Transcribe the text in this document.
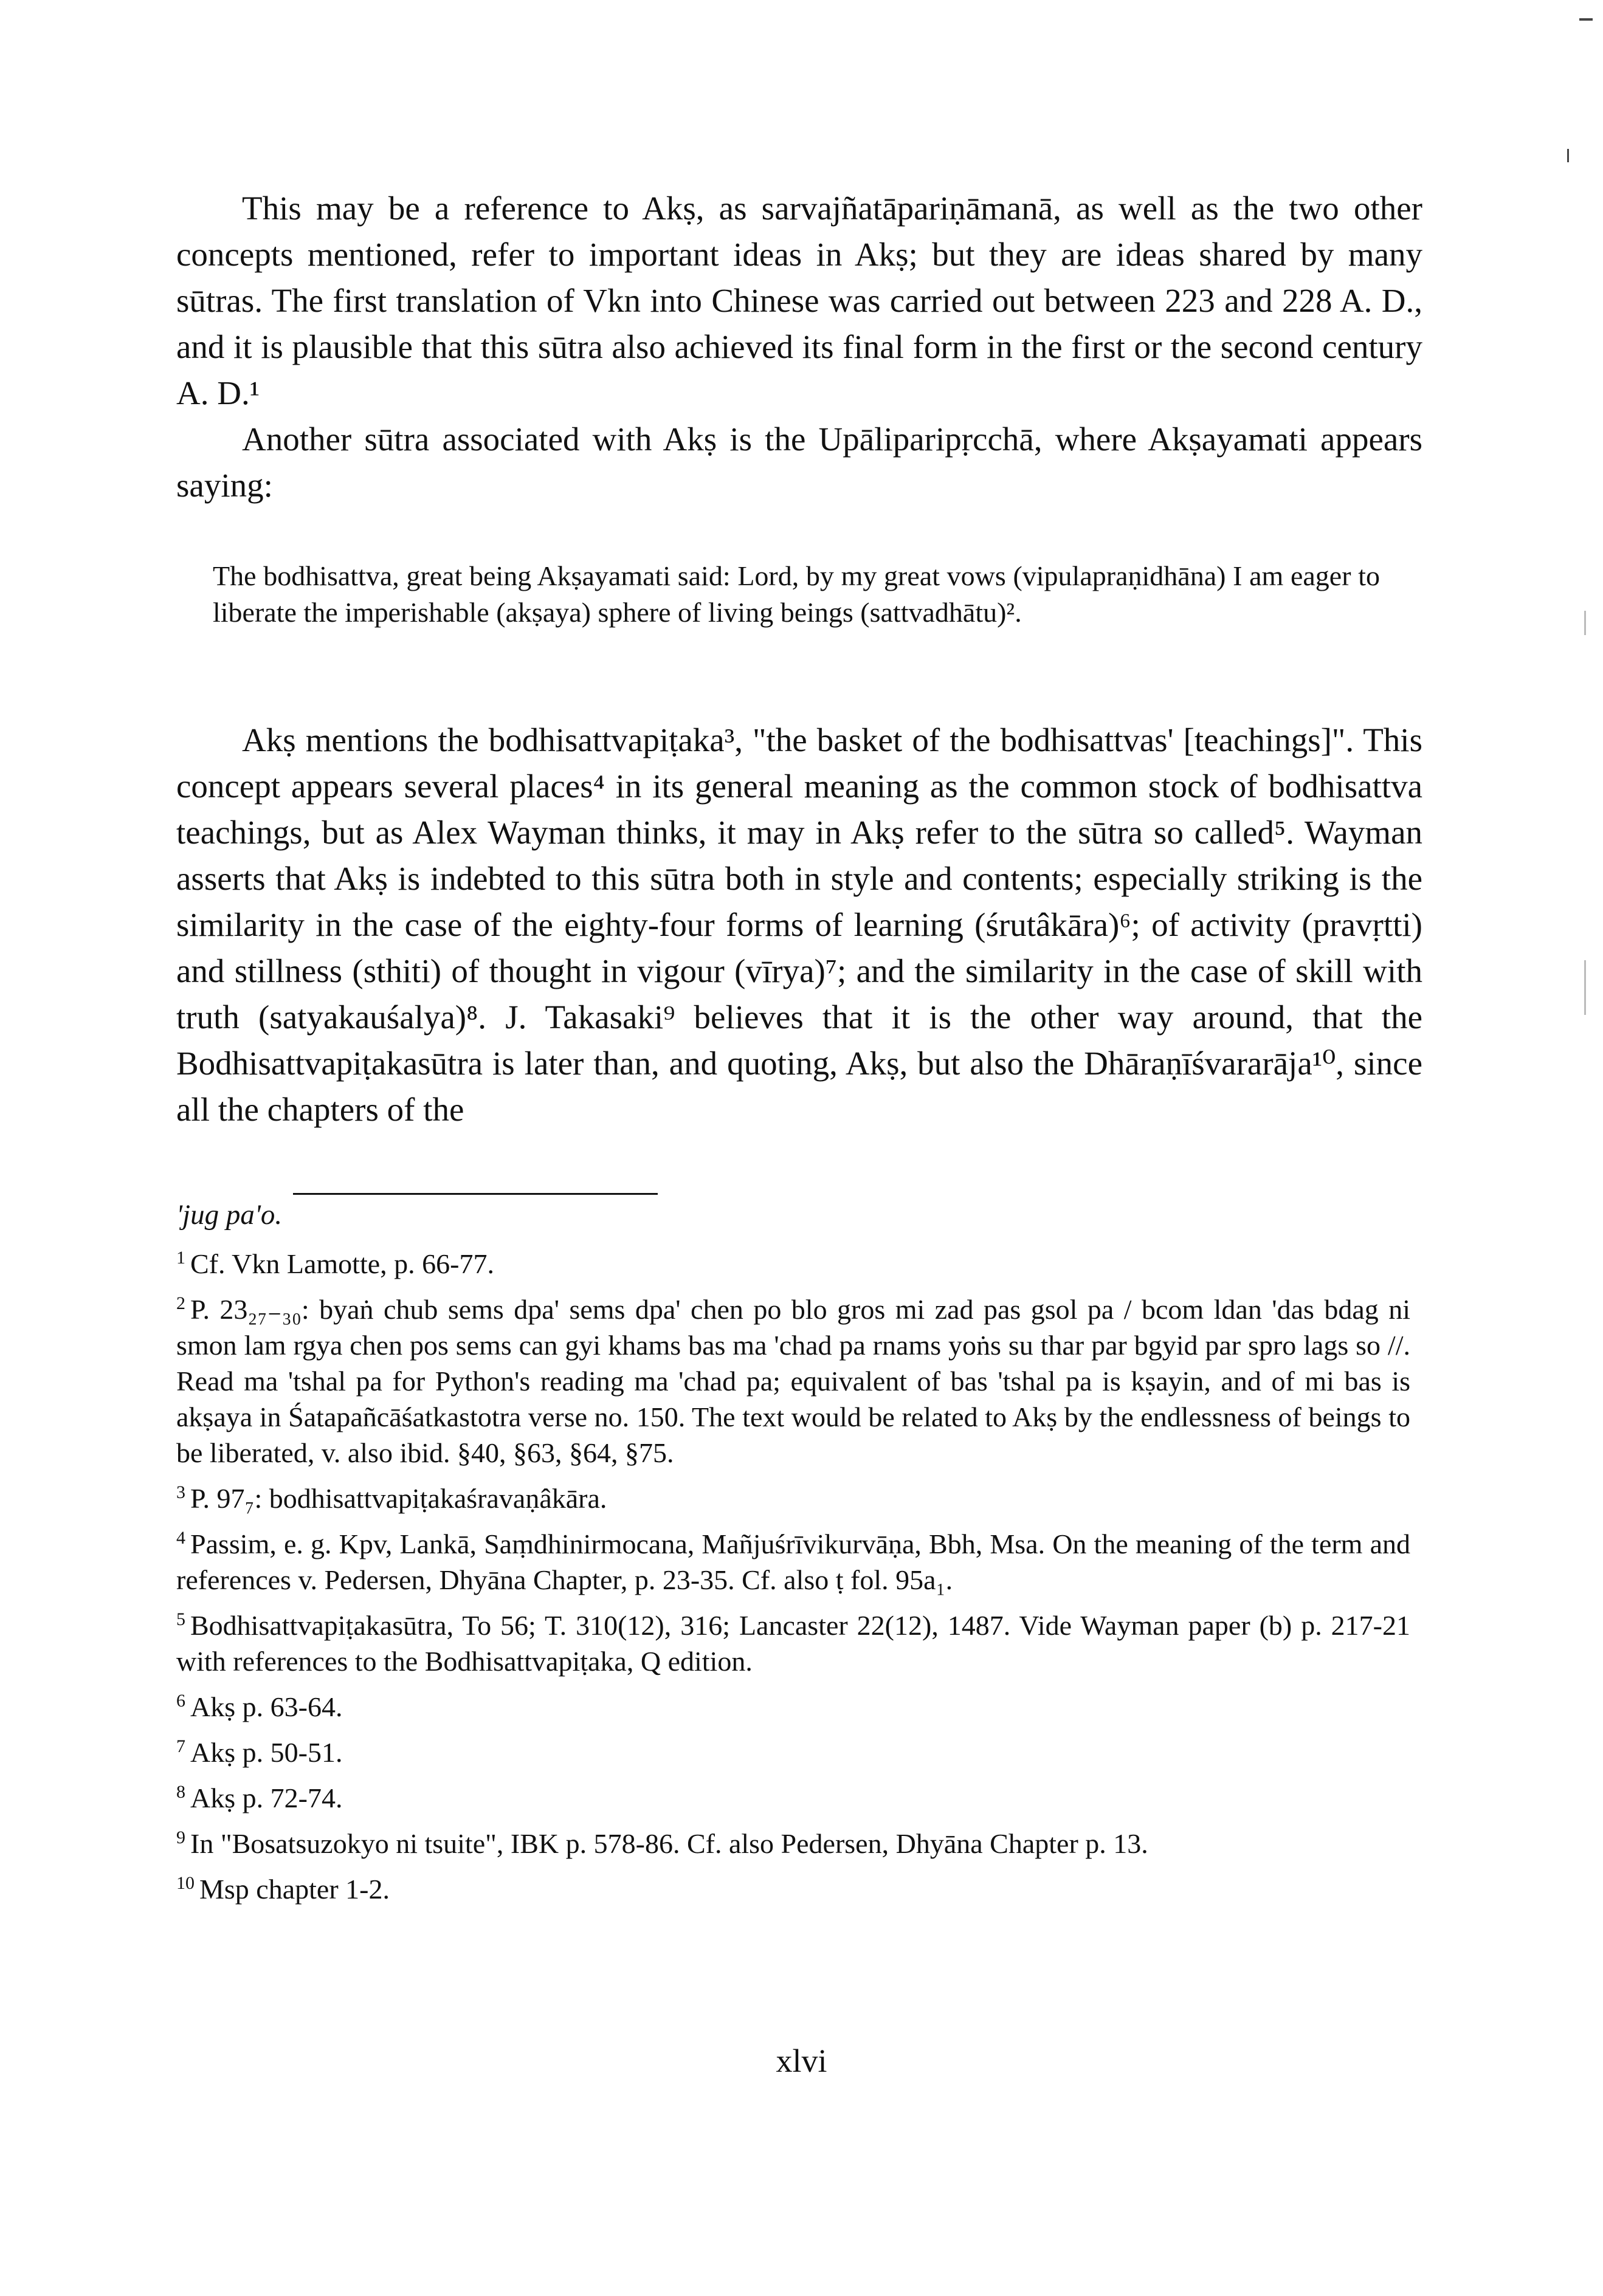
This may be a reference to Akṣ, as sarvajñatāpariṇāmanā, as well as the two other concepts mentioned, refer to important ideas in Akṣ; but they are ideas shared by many sūtras. The first translation of Vkn into Chinese was carried out between 223 and 228 A. D., and it is plausible that this sūtra also achieved its final form in the first or the second century A. D.¹

Another sūtra associated with Akṣ is the Upāliparipṛcchā, where Akṣayamati appears saying:

The bodhisattva, great being Akṣayamati said: Lord, by my great vows (vipulapraṇidhāna) I am eager to liberate the imperishable (akṣaya) sphere of living beings (sattvadhātu)².

Akṣ mentions the bodhisattvapiṭaka³, "the basket of the bodhisattvas' [teachings]". This concept appears several places⁴ in its general meaning as the common stock of bodhisattva teachings, but as Alex Wayman thinks, it may in Akṣ refer to the sūtra so called⁵. Wayman asserts that Akṣ is indebted to this sūtra both in style and contents; especially striking is the similarity in the case of the eighty-four forms of learning (śrutâkāra)⁶; of activity (pravṛtti) and stillness (sthiti) of thought in vigour (vīrya)⁷; and the similarity in the case of skill with truth (satyakauśalya)⁸. J. Takasaki⁹ believes that it is the other way around, that the Bodhisattvapiṭakasūtra is later than, and quoting, Akṣ, but also the Dhāraṇīśvararāja¹⁰, since all the chapters of the

'jug pa'o.

$^1$ Cf. Vkn Lamotte, p. 66-77.

$^2$ P. 23₂₇₋₃₀: byaṅ chub sems dpa' sems dpa' chen po blo gros mi zad pas gsol pa / bcom ldan 'das bdag ni smon lam rgya chen pos sems can gyi khams bas ma 'chad pa rnams yoṅs su thar par bgyid par spro lags so //. Read ma 'tshal pa for Python's reading ma 'chad pa; equivalent of bas 'tshal pa is kṣayin, and of mi bas is akṣaya in Śatapañcāśatkastotra verse no. 150. The text would be related to Akṣ by the endlessness of beings to be liberated, v. also ibid. §40, §63, §64, §75.

$^3$ P. 97₇: bodhisattvapiṭakaśravaṇâkāra.

$^4$ Passim, e. g. Kpv, Lankā, Saṃdhinirmocana, Mañjuśrīvikurvāṇa, Bbh, Msa. On the meaning of the term and references v. Pedersen, Dhyāna Chapter, p. 23-35. Cf. also ṭ fol. 95a₁.

$^5$ Bodhisattvapiṭakasūtra, To 56; T. 310(12), 316; Lancaster 22(12), 1487. Vide Wayman paper (b) p. 217-21 with references to the Bodhisattvapiṭaka, Q edition.

$^6$ Akṣ p. 63-64.

$^7$ Akṣ p. 50-51.

$^8$ Akṣ p. 72-74.

$^9$ In "Bosatsuzokyo ni tsuite", IBK p. 578-86. Cf. also Pedersen, Dhyāna Chapter p. 13.

$^{10}$ Msp chapter 1-2.

xlvi
